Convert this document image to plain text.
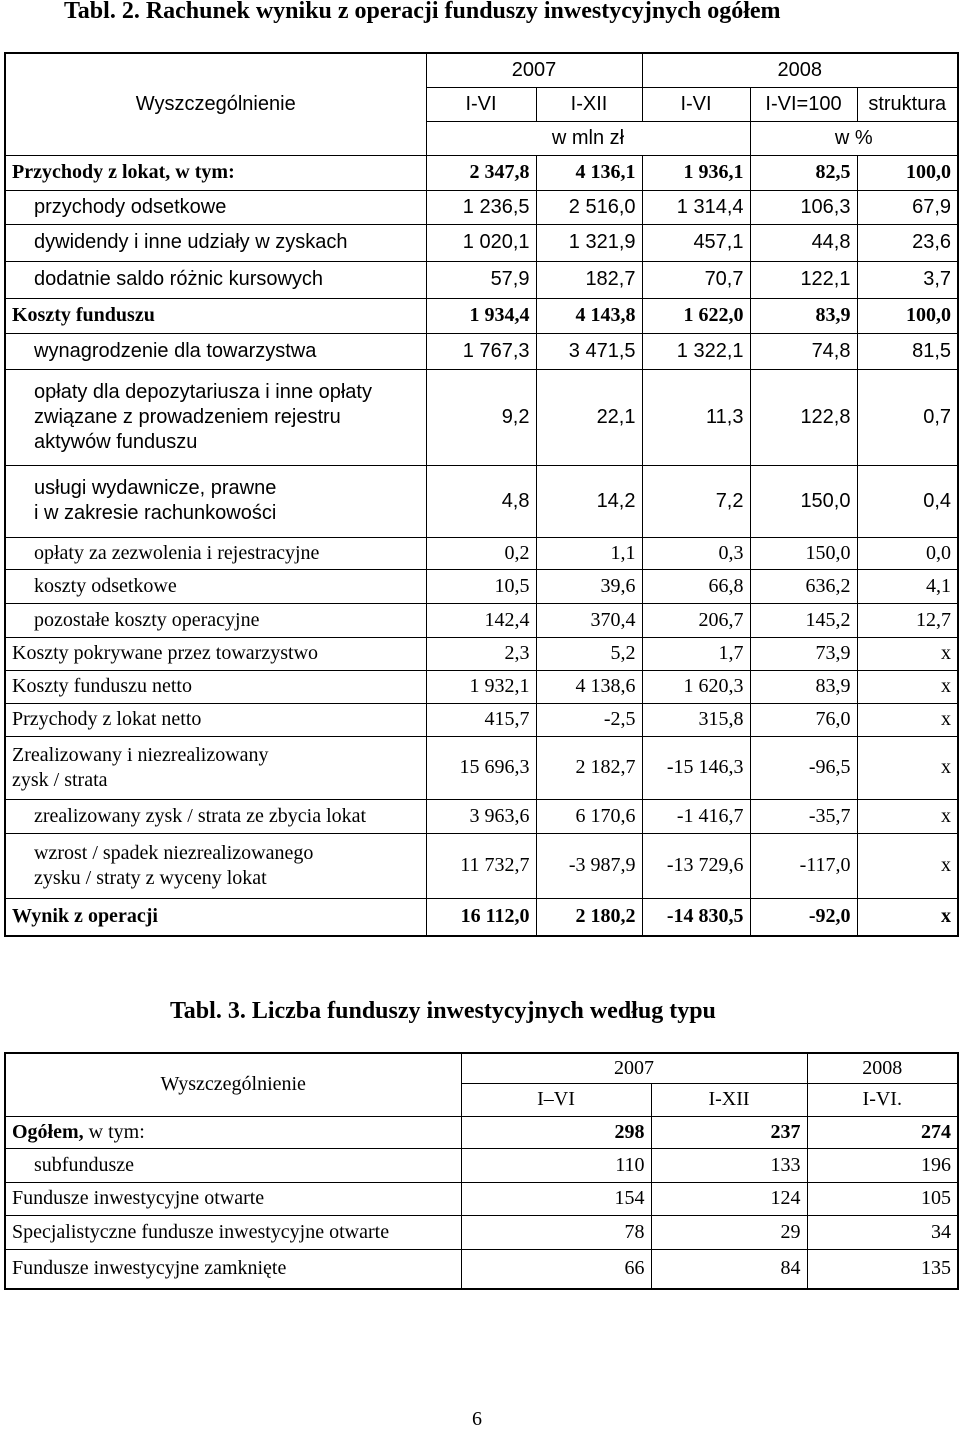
Tabl. 2. Rachunek wyniku z operacji funduszy inwestycyjnych ogółem
Wyszczególnienie	2007		2008		
	I-VI	I-XII	I-VI	I-VI=100	struktura
	w mln zł			w %	
Przychody z lokat, w tym:	2 347,8	4 136,1	1 936,1	82,5	100,0
przychody odsetkowe	1 236,5	2 516,0	1 314,4	106,3	67,9
dywidendy i inne udziały w zyskach	1 020,1	1 321,9	457,1	44,8	23,6
dodatnie saldo różnic kursowych	57,9	182,7	70,7	122,1	3,7
Koszty funduszu	1 934,4	4 143,8	1 622,0	83,9	100,0
wynagrodzenie dla towarzystwa	1 767,3	3 471,5	1 322,1	74,8	81,5

opłaty dla depozytariusza i inne opłaty
związane z prowadzeniem rejestru
aktywów funduszu	9,2	22,1	11,3	122,8	0,7

usługi wydawnicze, prawne
i w zakresie rachunkowości	4,8	14,2	7,2	150,0	0,4
opłaty za zezwolenia i rejestracyjne	0,2	1,1	0,3	150,0	0,0
koszty odsetkowe	10,5	39,6	66,8	636,2	4,1
pozostałe koszty operacyjne	142,4	370,4	206,7	145,2	12,7
Koszty pokrywane przez towarzystwo	2,3	5,2	1,7	73,9	x
Koszty funduszu netto	1 932,1	4 138,6	1 620,3	83,9	x
Przychody z lokat netto	415,7	-2,5	315,8	76,0	x

Zrealizowany i niezrealizowany
zysk / strata	15 696,3	2 182,7	-15 146,3	-96,5	x
zrealizowany zysk / strata ze zbycia lokat	3 963,6	6 170,6	-1 416,7	-35,7	x

wzrost / spadek niezrealizowanego
zysku / straty z wyceny lokat	11 732,7	-3 987,9	-13 729,6	-117,0	x
Wynik z operacji	16 112,0	2 180,2	-14 830,5	-92,0	x
Tabl. 3. Liczba funduszy inwestycyjnych według typu
Wyszczególnienie	2007		2008
	I–VI	I-XII	I-VI.
Ogółem, w tym:	298	237	274
subfundusze	110	133	196
Fundusze inwestycyjne otwarte	154	124	105
Specjalistyczne fundusze inwestycyjne otwarte	78	29	34
Fundusze inwestycyjne zamknięte	66	84	135
6
